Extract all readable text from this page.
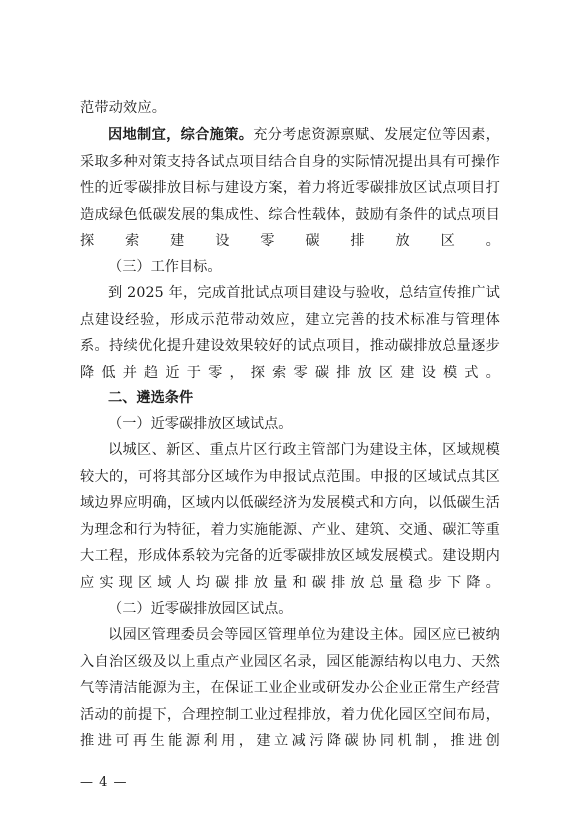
范带动效应。

因地制宜，综合施策。充分考虑资源禀赋、发展定位等因素，采取多种对策支持各试点项目结合自身的实际情况提出具有可操作性的近零碳排放目标与建设方案，着力将近零碳排放区试点项目打造成绿色低碳发展的集成性、综合性载体，鼓励有条件的试点项目探索建设零碳排放区。

（三）工作目标。

到 2025 年，完成首批试点项目建设与验收，总结宣传推广试点建设经验，形成示范带动效应，建立完善的技术标准与管理体系。持续优化提升建设效果较好的试点项目，推动碳排放总量逐步降低并趋近于零，探索零碳排放区建设模式。

二、遴选条件

（一）近零碳排放区域试点。

以城区、新区、重点片区行政主管部门为建设主体，区域规模较大的，可将其部分区域作为申报试点范围。申报的区域试点其区域边界应明确，区域内以低碳经济为发展模式和方向，以低碳生活为理念和行为特征，着力实施能源、产业、建筑、交通、碳汇等重大工程，形成体系较为完备的近零碳排放区域发展模式。建设期内应实现区域人均碳排放量和碳排放总量稳步下降。

（二）近零碳排放园区试点。

以园区管理委员会等园区管理单位为建设主体。园区应已被纳入自治区级及以上重点产业园区名录，园区能源结构以电力、天然气等清洁能源为主，在保证工业企业或研发办公企业正常生产经营活动的前提下，合理控制工业过程排放，着力优化园区空间布局，推进可再生能源利用，建立减污降碳协同机制，推进创

— 4 —
